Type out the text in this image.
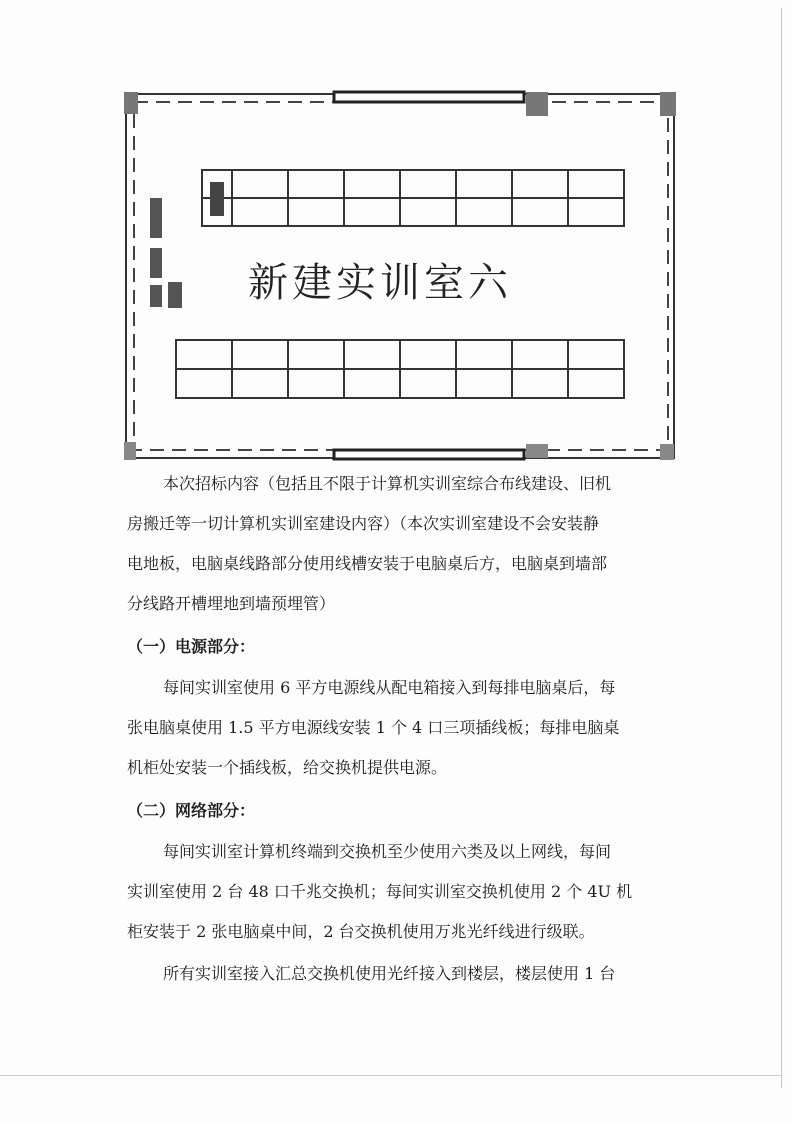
新建实训室六
本次招标内容（包括且不限于计算机实训室综合布线建设、旧机
房搬迁等一切计算机实训室建设内容）（本次实训室建设不会安装静
电地板，电脑桌线路部分使用线槽安装于电脑桌后方，电脑桌到墙部
分线路开槽埋地到墙预埋管）
（一）电源部分：
每间实训室使用 6 平方电源线从配电箱接入到每排电脑桌后，每
张电脑桌使用 1.5 平方电源线安装 1 个 4 口三项插线板；每排电脑桌
机柜处安装一个插线板，给交换机提供电源。
（二）网络部分：
每间实训室计算机终端到交换机至少使用六类及以上网线，每间
实训室使用 2 台 48 口千兆交换机；每间实训室交换机使用 2 个 4U 机
柜安装于 2 张电脑桌中间，2 台交换机使用万兆光纤线进行级联。
所有实训室接入汇总交换机使用光纤接入到楼层，楼层使用 1 台
